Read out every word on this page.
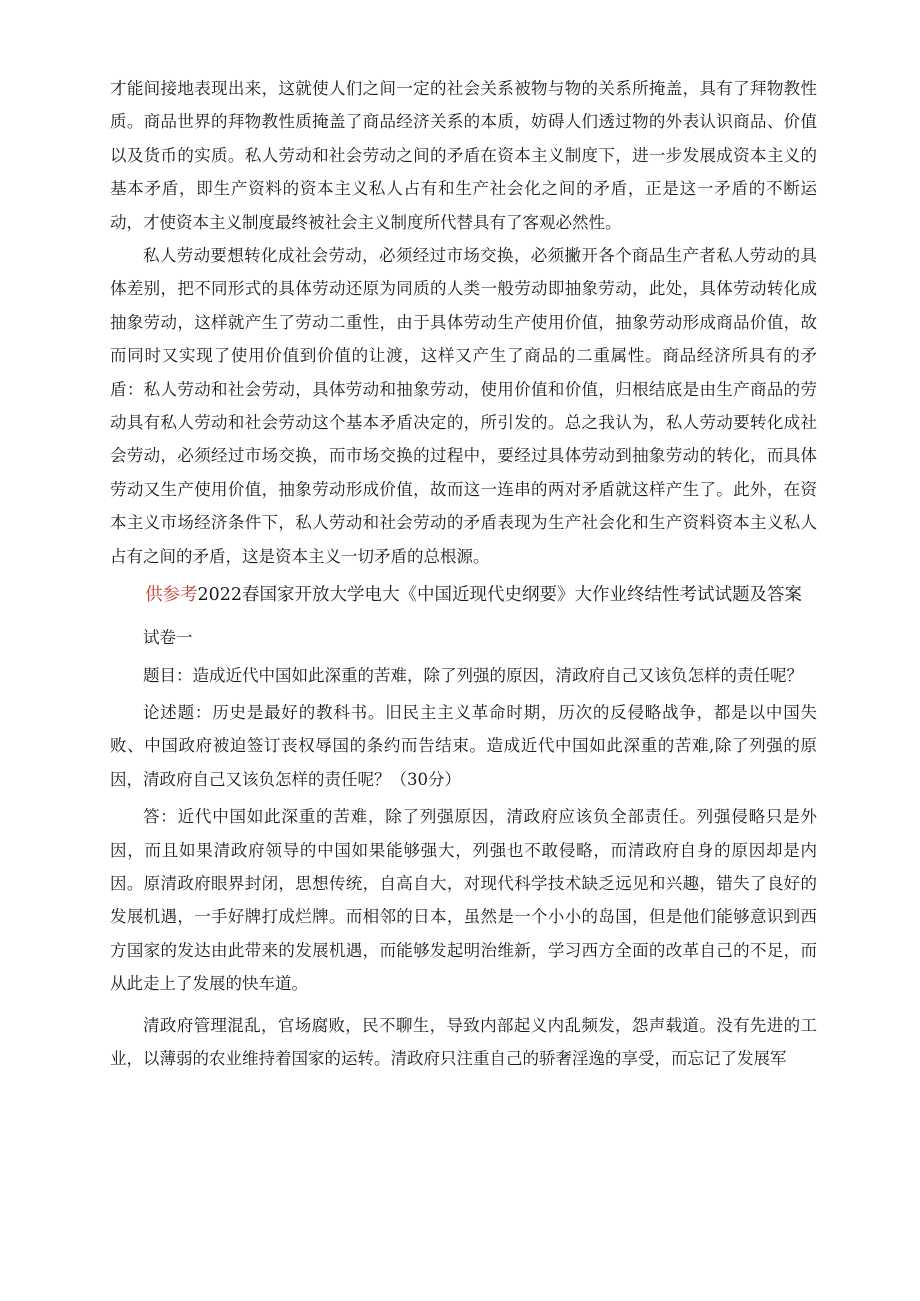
才能间接地表现出来，这就使人们之间一定的社会关系被物与物的关系所掩盖，具有了拜物教性质。商品世界的拜物教性质掩盖了商品经济关系的本质，妨碍人们透过物的外表认识商品、价值以及货币的实质。私人劳动和社会劳动之间的矛盾在资本主义制度下，进一步发展成资本主义的基本矛盾，即生产资料的资本主义私人占有和生产社会化之间的矛盾，正是这一矛盾的不断运动，才使资本主义制度最终被社会主义制度所代替具有了客观必然性。

私人劳动要想转化成社会劳动，必须经过市场交换，必须撇开各个商品生产者私人劳动的具体差别，把不同形式的具体劳动还原为同质的人类一般劳动即抽象劳动，此处，具体劳动转化成抽象劳动，这样就产生了劳动二重性，由于具体劳动生产使用价值，抽象劳动形成商品价值，故而同时又实现了使用价值到价值的让渡，这样又产生了商品的二重属性。商品经济所具有的矛盾：私人劳动和社会劳动，具体劳动和抽象劳动，使用价值和价值，归根结底是由生产商品的劳动具有私人劳动和社会劳动这个基本矛盾决定的，所引发的。总之我认为，私人劳动要转化成社会劳动，必须经过市场交换，而市场交换的过程中，要经过具体劳动到抽象劳动的转化，而具体劳动又生产使用价值，抽象劳动形成价值，故而这一连串的两对矛盾就这样产生了。此外，在资本主义市场经济条件下，私人劳动和社会劳动的矛盾表现为生产社会化和生产资料资本主义私人占有之间的矛盾，这是资本主义一切矛盾的总根源。

供参考2022春国家开放大学电大《中国近现代史纲要》大作业终结性考试试题及答案

试卷一

题目：造成近代中国如此深重的苦难，除了列强的原因，清政府自己又该负怎样的责任呢？

论述题：历史是最好的教科书。旧民主主义革命时期，历次的反侵略战争，都是以中国失败、中国政府被迫签订丧权辱国的条约而告结束。造成近代中国如此深重的苦难,除了列强的原因，清政府自己又该负怎样的责任呢？（30分）

答：近代中国如此深重的苦难，除了列强原因，清政府应该负全部责任。列强侵略只是外因，而且如果清政府领导的中国如果能够强大，列强也不敢侵略，而清政府自身的原因却是内因。原清政府眼界封闭，思想传统，自高自大，对现代科学技术缺乏远见和兴趣，错失了良好的发展机遇，一手好牌打成烂牌。而相邻的日本，虽然是一个小小的岛国，但是他们能够意识到西方国家的发达由此带来的发展机遇，而能够发起明治维新，学习西方全面的改革自己的不足，而从此走上了发展的快车道。

清政府管理混乱，官场腐败，民不聊生，导致内部起义内乱频发，怨声载道。没有先进的工业，以薄弱的农业维持着国家的运转。清政府只注重自己的骄奢淫逸的享受，而忘记了发展军
